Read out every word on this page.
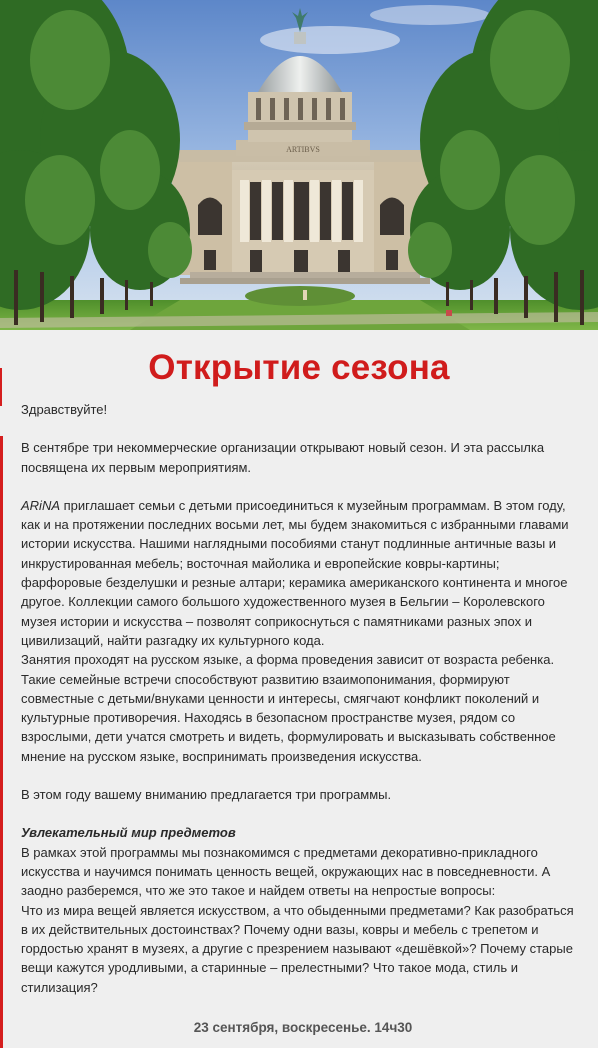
ARTIBVS
Открытие сезона

Здравствуйте!

В сентябре три некоммерческие организации открывают новый сезон. И эта рассылка посвящена их первым мероприятиям.

ARiNA приглашает семьи с детьми присоединиться к музейным программам. В этом году, как и на протяжении последних восьми лет, мы будем знакомиться с избранными главами истории искусства. Нашими наглядными пособиями станут подлинные античные вазы и инкрустированная мебель; восточная майолика и европейские ковры-картины; фарфоровые безделушки и резные алтари; керамика американского континента и многое другое. Коллекции самого большого художественного музея в Бельгии – Королевского музея истории и искусства – позволят соприкоснуться с памятниками разных эпох и цивилизаций, найти разгадку их культурного кода.

Занятия проходят на русском языке, а форма проведения зависит от возраста ребенка. Такие семейные встречи способствуют развитию взаимопонимания, формируют совместные с детьми/внуками ценности и интересы, смягчают конфликт поколений и культурные противоречия. Находясь в безопасном пространстве музея, рядом со взрослыми, дети учатся смотреть и видеть, формулировать и высказывать собственное мнение на русском языке, воспринимать произведения искусства.

В этом году вашему вниманию предлагается три программы.

Увлекательный мир предметов

В рамках этой программы мы познакомимся с предметами декоративно-прикладного искусства и научимся понимать ценность вещей, окружающих нас в повседневности. А заодно разберемся, что же это такое и найдем ответы на непростые вопросы:

Что из мира вещей является искусством, а что обыденными предметами? Как разобраться в их действительных достоинствах? Почему одни вазы, ковры и мебель с трепетом и гордостью хранят в музеях, а другие с презрением называют «дешёвкой»? Почему старые вещи кажутся уродливыми, а старинные – прелестными? Что такое мода, стиль и стилизация?

23 сентября, воскресенье. 14ч30
